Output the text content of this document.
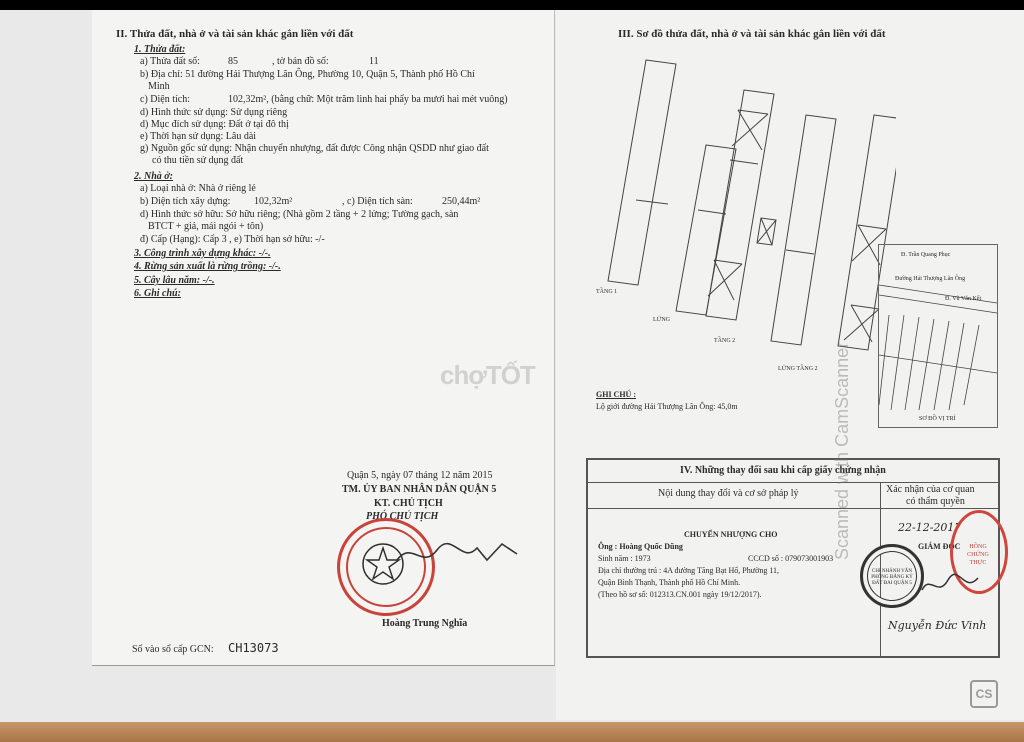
II. Thửa đất, nhà ở và tài sản khác gắn liền với đất
1. Thửa đất:
a) Thửa đất số:	85	, tờ bản đồ số:	11
b) Địa chỉ: 51 đường Hải Thượng Lãn Ông, Phường 10, Quận 5, Thành phố Hồ Chí
Minh
c) Diện tích:	102,32m², (bằng chữ: Một trăm linh hai phẩy ba mươi hai mét vuông)
d) Hình thức sử dụng: Sử dụng riêng
d) Mục đích sử dụng: Đất ở tại đô thị
e) Thời hạn sử dụng: Lâu dài
g) Nguồn gốc sử dụng: Nhận chuyển nhượng, đất được Công nhận QSDD như giao đất
có thu tiền sử dụng đất
2. Nhà ở:
a) Loại nhà ở: Nhà ở riêng lẻ
b) Diện tích xây dựng: 102,32m²	, c) Diện tích sàn:	250,44m²
d) Hình thức sở hữu: Sở hữu riêng; (Nhà gồm 2 tầng + 2 lửng; Tường gạch, sàn
BTCT + giả, mái ngói + tôn)
đ) Cấp (Hạng): Cấp 3 , e) Thời hạn sở hữu: -/-
3. Công trình xây dựng khác: -/-.
4. Rừng sản xuất là rừng trồng: -/-.
5. Cây lâu năm: -/-.
6. Ghi chú:
Quận 5, ngày 07 tháng 12 năm 2015
TM. ỦY BAN NHÂN DÂN QUẬN 5
KT. CHỦ TỊCH
PHÓ CHỦ TỊCH
Hoàng Trung Nghĩa
Số vào sổ cấp GCN: CH13073
III. Sơ đồ thửa đất, nhà ở và tài sản khác gắn liền với đất
TẦNG 1
LỬNG
TẦNG 2
LỬNG TẦNG 2
Đ. Trần Quang Phục
Đường Hải Thượng Lãn Ông
Đ. Vũ Văn Kết
SƠ ĐỒ VỊ TRÍ
GHI CHÚ :
Lộ giới đường Hải Thượng Lãn Ông: 45,0m
IV. Những thay đổi sau khi cấp giấy chứng nhận
Nội dung thay đổi và cơ sở pháp lý	Xác nhận của cơ quan
có thẩm quyền
CHUYỂN NHƯỢNG CHO
Ông : Hoàng Quốc Dũng
Sinh năm : 1973	CCCD số : 079073001903
Địa chỉ thường trú : 4A đường Tăng Bạt Hổ, Phường 11,
Quận Bình Thạnh, Thành phố Hồ Chí Minh.
(Theo hồ sơ số: 012313.CN.001 ngày 19/12/2017).
22-12-2017
GIÁM ĐỐC
CHI NHÁNH VĂN PHÒNG ĐĂNG KÝ ĐẤT ĐAI QUẬN 5
HỒNG CHỨNG THỰC
Nguyễn Đức Vinh
chợTỐT
CS
